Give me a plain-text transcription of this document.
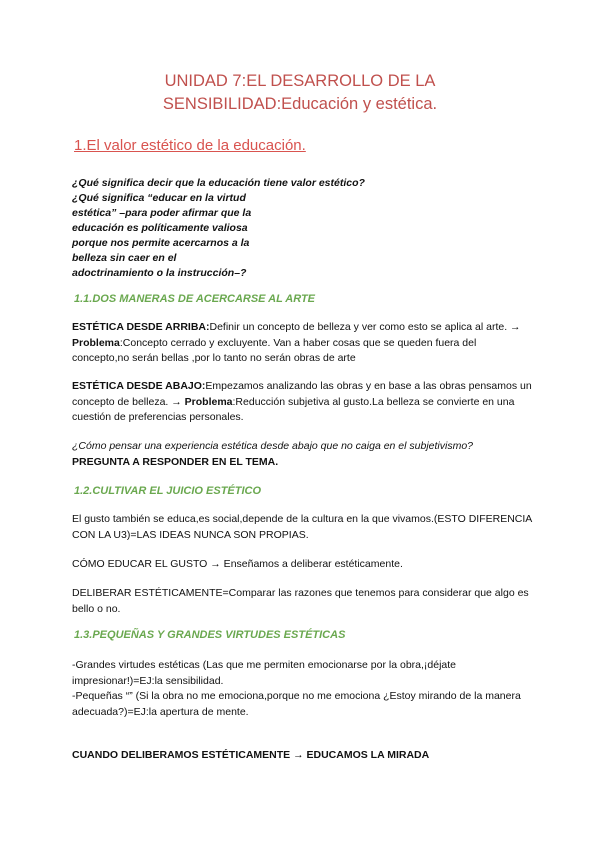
UNIDAD 7:EL DESARROLLO DE LA
SENSIBILIDAD:Educación y estética.
1.El valor estético de la educación.
¿Qué significa decir que la educación tiene valor estético?
¿Qué significa “educar en la virtud
estética” –para poder afirmar que la
educación es políticamente valiosa
porque nos permite acercarnos a la
belleza sin caer en el
adoctrinamiento o la instrucción–?
1.1.DOS MANERAS DE ACERCARSE AL ARTE
ESTÉTICA DESDE ARRIBA:Definir un concepto de belleza y ver como esto se aplica al arte. → Problema:Concepto cerrado y excluyente. Van a haber cosas que se queden fuera del concepto,no serán bellas ,por lo tanto no serán obras de arte
ESTÉTICA DESDE ABAJO:Empezamos analizando las obras y en base a las obras pensamos un concepto de belleza. → Problema:Reducción subjetiva al gusto.La belleza se convierte en una cuestión de preferencias personales.
¿Cómo pensar una experiencia estética desde abajo que no caiga en el subjetivismo?
PREGUNTA A RESPONDER EN EL TEMA.
1.2.CULTIVAR EL JUICIO ESTÉTICO
El gusto también se educa,es social,depende de la cultura en la que vivamos.(ESTO DIFERENCIA CON LA U3)=LAS IDEAS NUNCA SON PROPIAS.
CÓMO EDUCAR EL GUSTO → Enseñamos a deliberar estéticamente.
DELIBERAR ESTÉTICAMENTE=Comparar las razones que tenemos para considerar que algo es bello o no.
1.3.PEQUEÑAS Y GRANDES VIRTUDES ESTÉTICAS
-Grandes virtudes estéticas (Las que me permiten emocionarse por la obra,¡déjate impresionar!)=EJ:la sensibilidad.
-Pequeñas “” (Si la obra no me emociona,porque no me emociona ¿Estoy mirando de la manera adecuada?)=EJ:la apertura de mente.
CUANDO DELIBERAMOS ESTÉTICAMENTE → EDUCAMOS LA MIRADA
